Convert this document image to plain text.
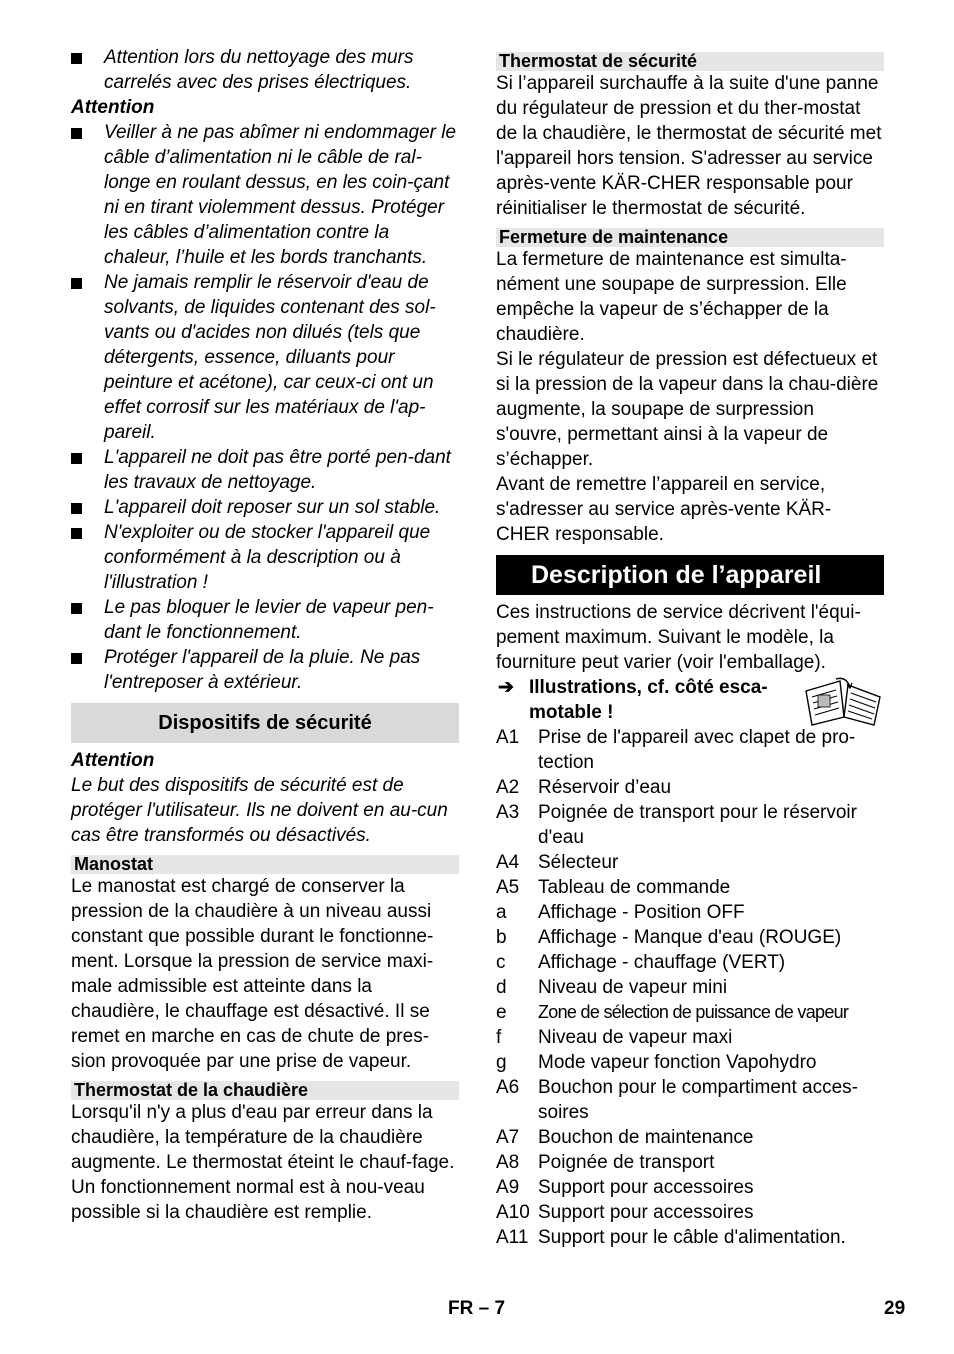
Attention lors du nettoyage des murs carrelés avec des prises électriques.
Attention
Veiller à ne pas abîmer ni endommager le câble d’alimentation ni le câble de ral-longe en roulant dessus, en les coin-çant ni en tirant violemment dessus. Protéger les câbles d’alimentation contre la chaleur, l’huile et les bords tranchants.
Ne jamais remplir le réservoir d'eau de solvants, de liquides contenant des sol-vants ou d'acides non dilués (tels que détergents, essence, diluants pour peinture et acétone), car ceux-ci ont un effet corrosif sur les matériaux de l'ap-pareil.
L'appareil ne doit pas être porté pen-dant les travaux de nettoyage.
L'appareil doit reposer sur un sol stable.
N'exploiter ou de stocker l'appareil que conformément à la description ou à l'illustration !
Le pas bloquer le levier de vapeur pen-dant le fonctionnement.
Protéger l'appareil de la pluie. Ne pas l'entreposer à extérieur.
Dispositifs de sécurité
Attention
Le but des dispositifs de sécurité est de protéger l'utilisateur. Ils ne doivent en au-cun cas être transformés ou désactivés.
Manostat
Le manostat est chargé de conserver la pression de la chaudière à un niveau aussi constant que possible durant le fonctionne-ment. Lorsque la pression de service maxi-male admissible est atteinte dans la chaudière, le chauffage est désactivé. Il se remet en marche en cas de chute de pres-sion provoquée par une prise de vapeur.
Thermostat de la chaudière
Lorsqu'il n'y a plus d'eau par erreur dans la chaudière, la température de la chaudière augmente. Le thermostat éteint le chauf-fage. Un fonctionnement normal est à nou-veau possible si la chaudière est remplie.
Thermostat de sécurité
Si l’appareil surchauffe à la suite d'une panne du régulateur de pression et du ther-mostat de la chaudière, le thermostat de sécurité met l'appareil hors tension. S'adresser au service après-vente KÄR-CHER responsable pour réinitialiser le thermostat de sécurité.
Fermeture de maintenance
La fermeture de maintenance est simulta-nément une soupape de surpression. Elle empêche la vapeur de s’échapper de la chaudière.
Si le régulateur de pression est défectueux et si la pression de la vapeur dans la chau-dière augmente, la soupape de surpression s'ouvre, permettant ainsi à la vapeur de s’échapper.
Avant de remettre l’appareil en service, s'adresser au service après-vente KÄR-CHER responsable.
Description de l’appareil
Ces instructions de service décrivent l'équi-pement maximum. Suivant le modèle, la fourniture peut varier (voir l'emballage).
➔ Illustrations, cf. côté esca-motable !
A1 Prise de l'appareil avec clapet de pro-tection
A2 Réservoir d’eau
A3 Poignée de transport pour le réservoir d'eau
A4 Sélecteur
A5 Tableau de commande
a Affichage - Position OFF
b Affichage - Manque d'eau (ROUGE)
c Affichage - chauffage (VERT)
d Niveau de vapeur mini
e Zone de sélection de puissance de vapeur
f Niveau de vapeur maxi
g Mode vapeur fonction Vapohydro
A6 Bouchon pour le compartiment acces-soires
A7 Bouchon de maintenance
A8 Poignée de transport
A9 Support pour accessoires
A10 Support pour accessoires
A11 Support pour le câble d'alimentation.
FR – 7	29
